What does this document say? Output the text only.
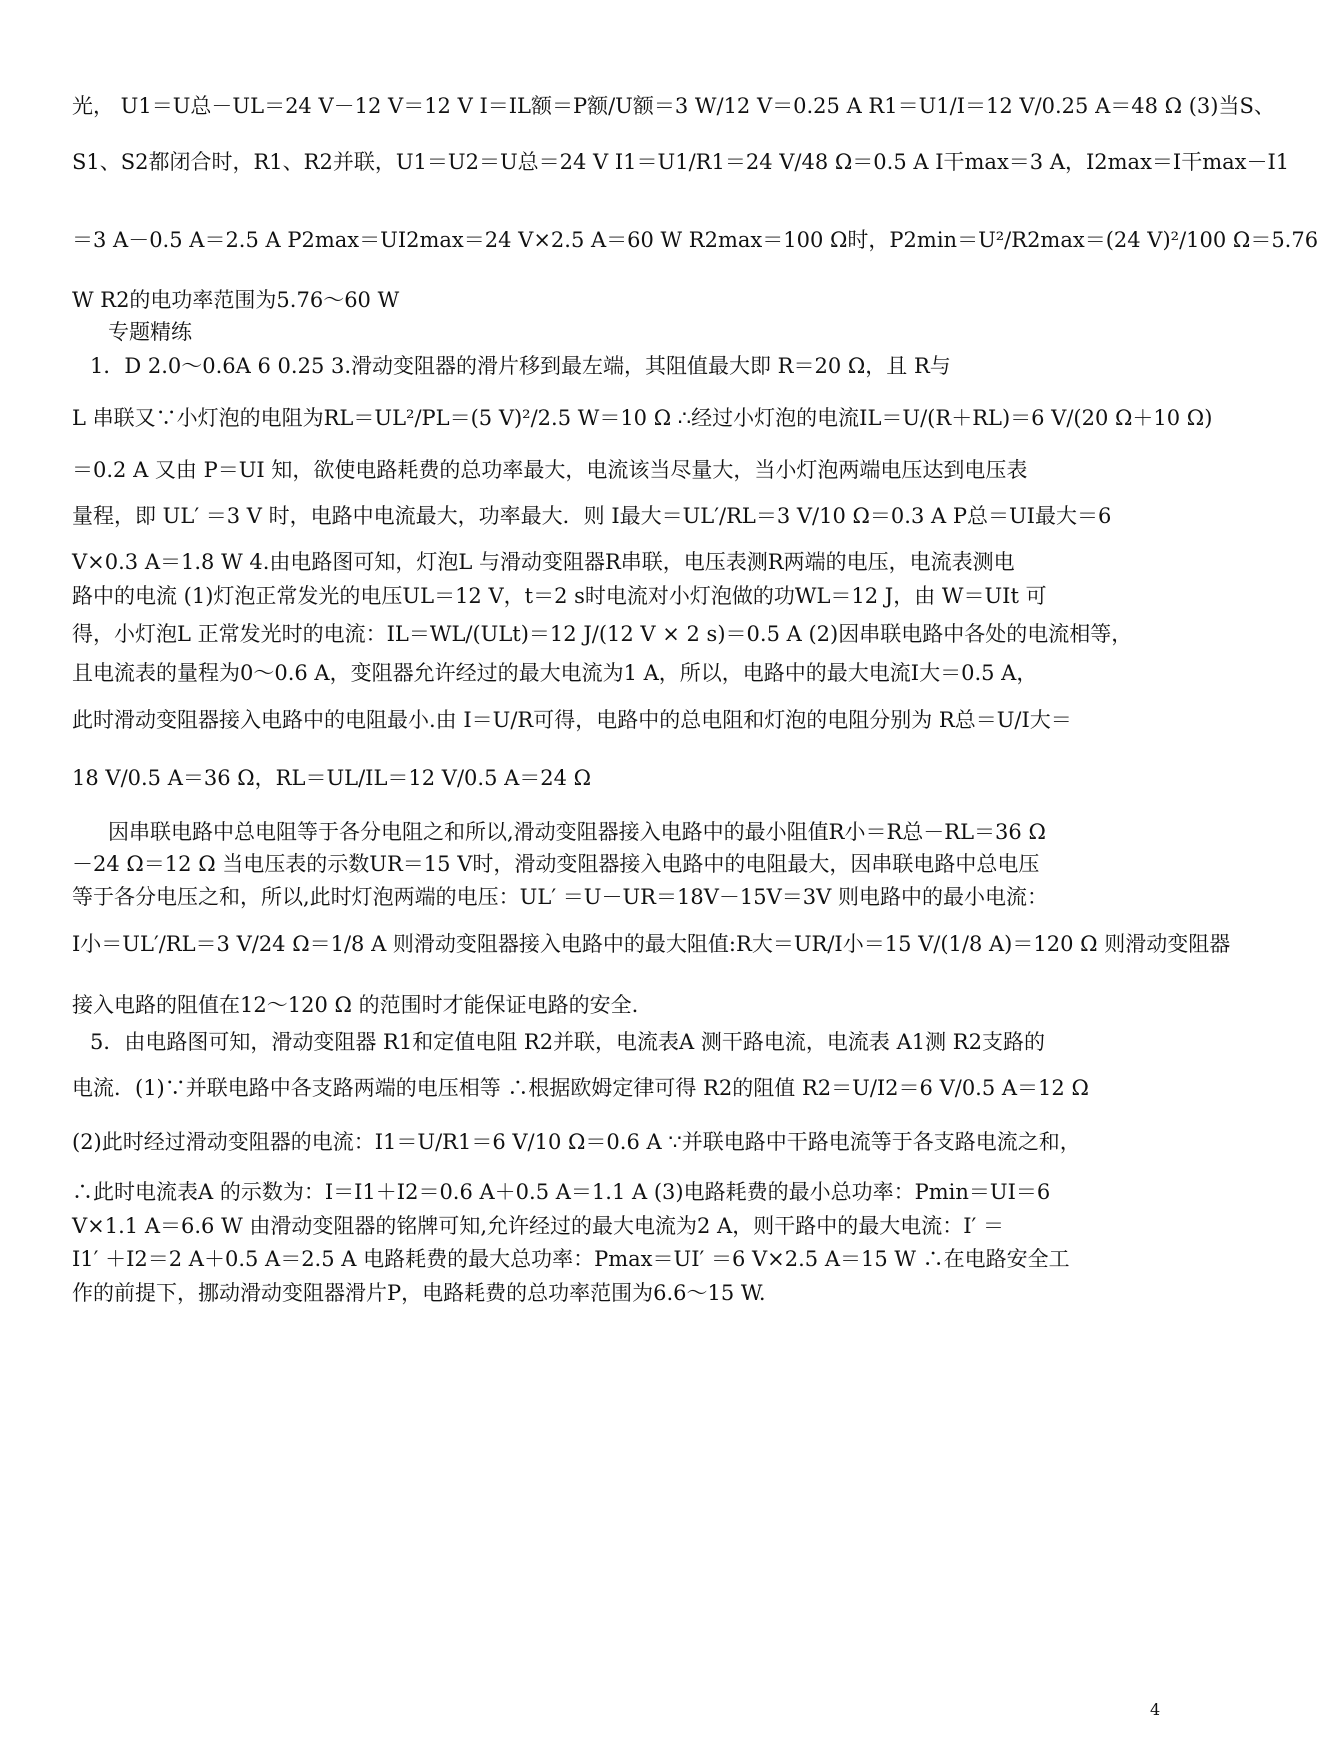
光， U1＝U总－UL＝24 V－12 V＝12 V I＝IL额＝P额/U额＝3 W/12 V＝0.25 A R1＝U1/I＝12 V/0.25 A＝48 Ω (3)当S、
S1、S2都闭合时，R1、R2并联，U1＝U2＝U总＝24 V I1＝U1/R1＝24 V/48 Ω＝0.5 A I干max＝3 A，I2max＝I干max－I1
＝3 A－0.5 A＝2.5 A P2max＝UI2max＝24 V×2.5 A＝60 W R2max＝100 Ω时，P2min＝U²/R2max＝(24 V)²/100 Ω＝5.76
W R2的电功率范围为5.76～60 W
专题精练
1．D 2.0～0.6A 6 0.25 3.滑动变阻器的滑片移到最左端，其阻值最大即 R＝20 Ω，且 R与
L 串联又∵小灯泡的电阻为RL＝UL²/PL＝(5 V)²/2.5 W＝10 Ω ∴经过小灯泡的电流IL＝U/(R＋RL)＝6 V/(20 Ω＋10 Ω)
＝0.2 A 又由 P＝UI 知，欲使电路耗费的总功率最大，电流该当尽量大，当小灯泡两端电压达到电压表
量程，即 UL′ ＝3 V 时，电路中电流最大，功率最大．则 I最大＝UL′/RL＝3 V/10 Ω＝0.3 A P总＝UI最大＝6
V×0.3 A＝1.8 W 4.由电路图可知，灯泡L 与滑动变阻器R串联，电压表测R两端的电压，电流表测电
路中的电流 (1)灯泡正常发光的电压UL＝12 V，t＝2 s时电流对小灯泡做的功WL＝12 J，由 W＝UIt 可
得，小灯泡L 正常发光时的电流：IL＝WL/(ULt)＝12 J/(12 V × 2 s)＝0.5 A (2)因串联电路中各处的电流相等，
且电流表的量程为0～0.6 A，变阻器允许经过的最大电流为1 A，所以，电路中的最大电流I大＝0.5 A，
此时滑动变阻器接入电路中的电阻最小.由 I＝U/R可得，电路中的总电阻和灯泡的电阻分别为 R总＝U/I大＝
18 V/0.5 A＝36 Ω，RL＝UL/IL＝12 V/0.5 A＝24 Ω
因串联电路中总电阻等于各分电阻之和所以,滑动变阻器接入电路中的最小阻值R小＝R总－RL＝36 Ω
－24 Ω＝12 Ω 当电压表的示数UR＝15 V时，滑动变阻器接入电路中的电阻最大，因串联电路中总电压
等于各分电压之和，所以,此时灯泡两端的电压：UL′ ＝U－UR＝18V－15V＝3V 则电路中的最小电流：
I小＝UL′/RL＝3 V/24 Ω＝1/8 A 则滑动变阻器接入电路中的最大阻值:R大＝UR/I小＝15 V/(1/8 A)＝120 Ω 则滑动变阻器
接入电路的阻值在12～120 Ω 的范围时才能保证电路的安全.
5．由电路图可知，滑动变阻器 R1和定值电阻 R2并联，电流表A 测干路电流，电流表 A1测 R2支路的
电流．(1)∵并联电路中各支路两端的电压相等 ∴根据欧姆定律可得 R2的阻值 R2＝U/I2＝6 V/0.5 A＝12 Ω
(2)此时经过滑动变阻器的电流：I1＝U/R1＝6 V/10 Ω＝0.6 A ∵并联电路中干路电流等于各支路电流之和，
∴此时电流表A 的示数为：I＝I1＋I2＝0.6 A＋0.5 A＝1.1 A (3)电路耗费的最小总功率：Pmin＝UI＝6
V×1.1 A＝6.6 W 由滑动变阻器的铭牌可知,允许经过的最大电流为2 A，则干路中的最大电流：I′ ＝
I1′ ＋I2＝2 A＋0.5 A＝2.5 A 电路耗费的最大总功率：Pmax＝UI′ ＝6 V×2.5 A＝15 W ∴在电路安全工
作的前提下，挪动滑动变阻器滑片P，电路耗费的总功率范围为6.6～15 W.
4
